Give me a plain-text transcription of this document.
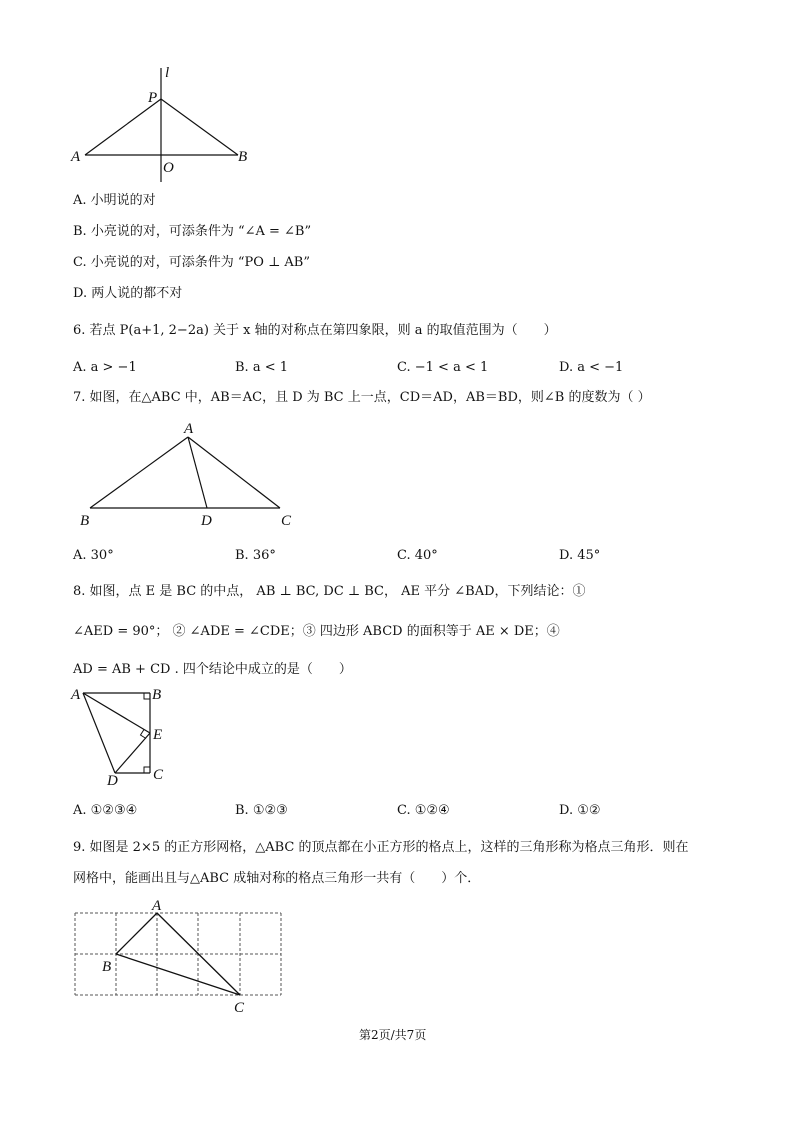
l
P
A
O
B
A. 小明说的对
B. 小亮说的对，可添条件为 “∠A = ∠B”
C. 小亮说的对，可添条件为 “PO ⊥ AB”
D. 两人说的都不对
6. 若点 P(a+1, 2−2a) 关于 x 轴的对称点在第四象限，则 a 的取值范围为（　　）
A. a > −1	B. a < 1	C. −1 < a < 1	D. a < −1
7. 如图，在△ABC 中，AB＝AC，且 D 为 BC 上一点，CD＝AD，AB＝BD，则∠B 的度数为（ ）
A
B	D	C
A. 30°	B. 36°	C. 40°	D. 45°
8. 如图，点 E 是 BC 的中点， AB ⊥ BC, DC ⊥ BC， AE 平分 ∠BAD，下列结论：①
∠AED = 90°； ② ∠ADE = ∠CDE；③ 四边形 ABCD 的面积等于 AE × DE；④
AD = AB + CD . 四个结论中成立的是（　　）
A	B
E
D C
A. ①②③④	B. ①②③	C. ①②④	D. ①②
9. 如图是 2×5 的正方形网格，△ABC 的顶点都在小正方形的格点上，这样的三角形称为格点三角形．则在
网格中，能画出且与△ABC 成轴对称的格点三角形一共有（　　）个．
A
B
C
第2页/共7页
